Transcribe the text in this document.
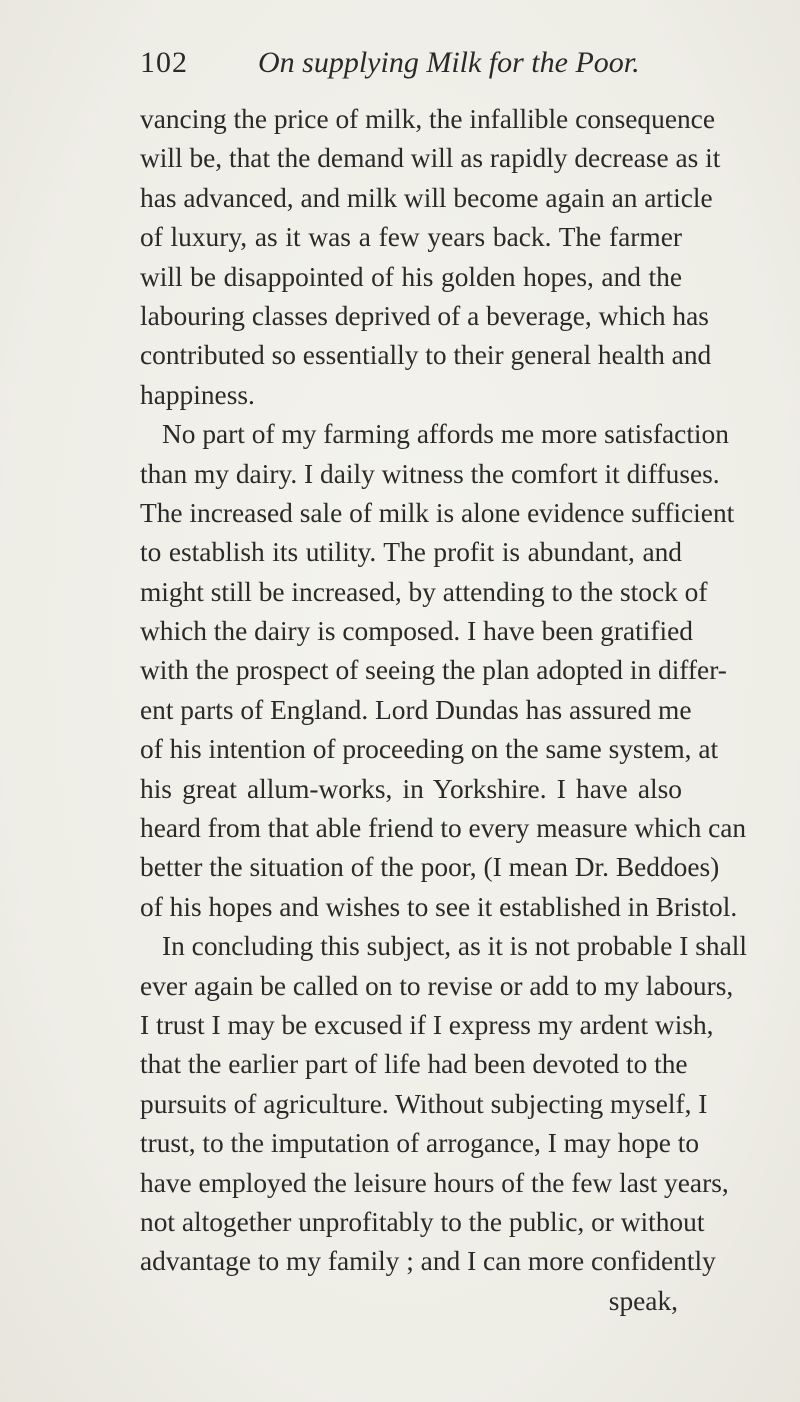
102 On supplying Milk for the Poor.
vancing the price of milk, the infallible consequence
will be, that the demand will as rapidly decrease as it
has advanced, and milk will become again an article
of luxury, as it was a few years back. The farmer
will be disappointed of his golden hopes, and the
labouring classes deprived of a beverage, which has
contributed so essentially to their general health and
happiness.
No part of my farming affords me more satisfaction
than my dairy. I daily witness the comfort it diffuses.
The increased sale of milk is alone evidence sufficient
to establish its utility. The profit is abundant, and
might still be increased, by attending to the stock of
which the dairy is composed. I have been gratified
with the prospect of seeing the plan adopted in differ-
ent parts of England. Lord Dundas has assured me
of his intention of proceeding on the same system, at
his great allum-works, in Yorkshire. I have also
heard from that able friend to every measure which can
better the situation of the poor, (I mean Dr. Beddoes)
of his hopes and wishes to see it established in Bristol.
In concluding this subject, as it is not probable I shall
ever again be called on to revise or add to my labours,
I trust I may be excused if I express my ardent wish,
that the earlier part of life had been devoted to the
pursuits of agriculture. Without subjecting myself, I
trust, to the imputation of arrogance, I may hope to
have employed the leisure hours of the few last years,
not altogether unprofitably to the public, or without
advantage to my family ; and I can more confidently
speak,
